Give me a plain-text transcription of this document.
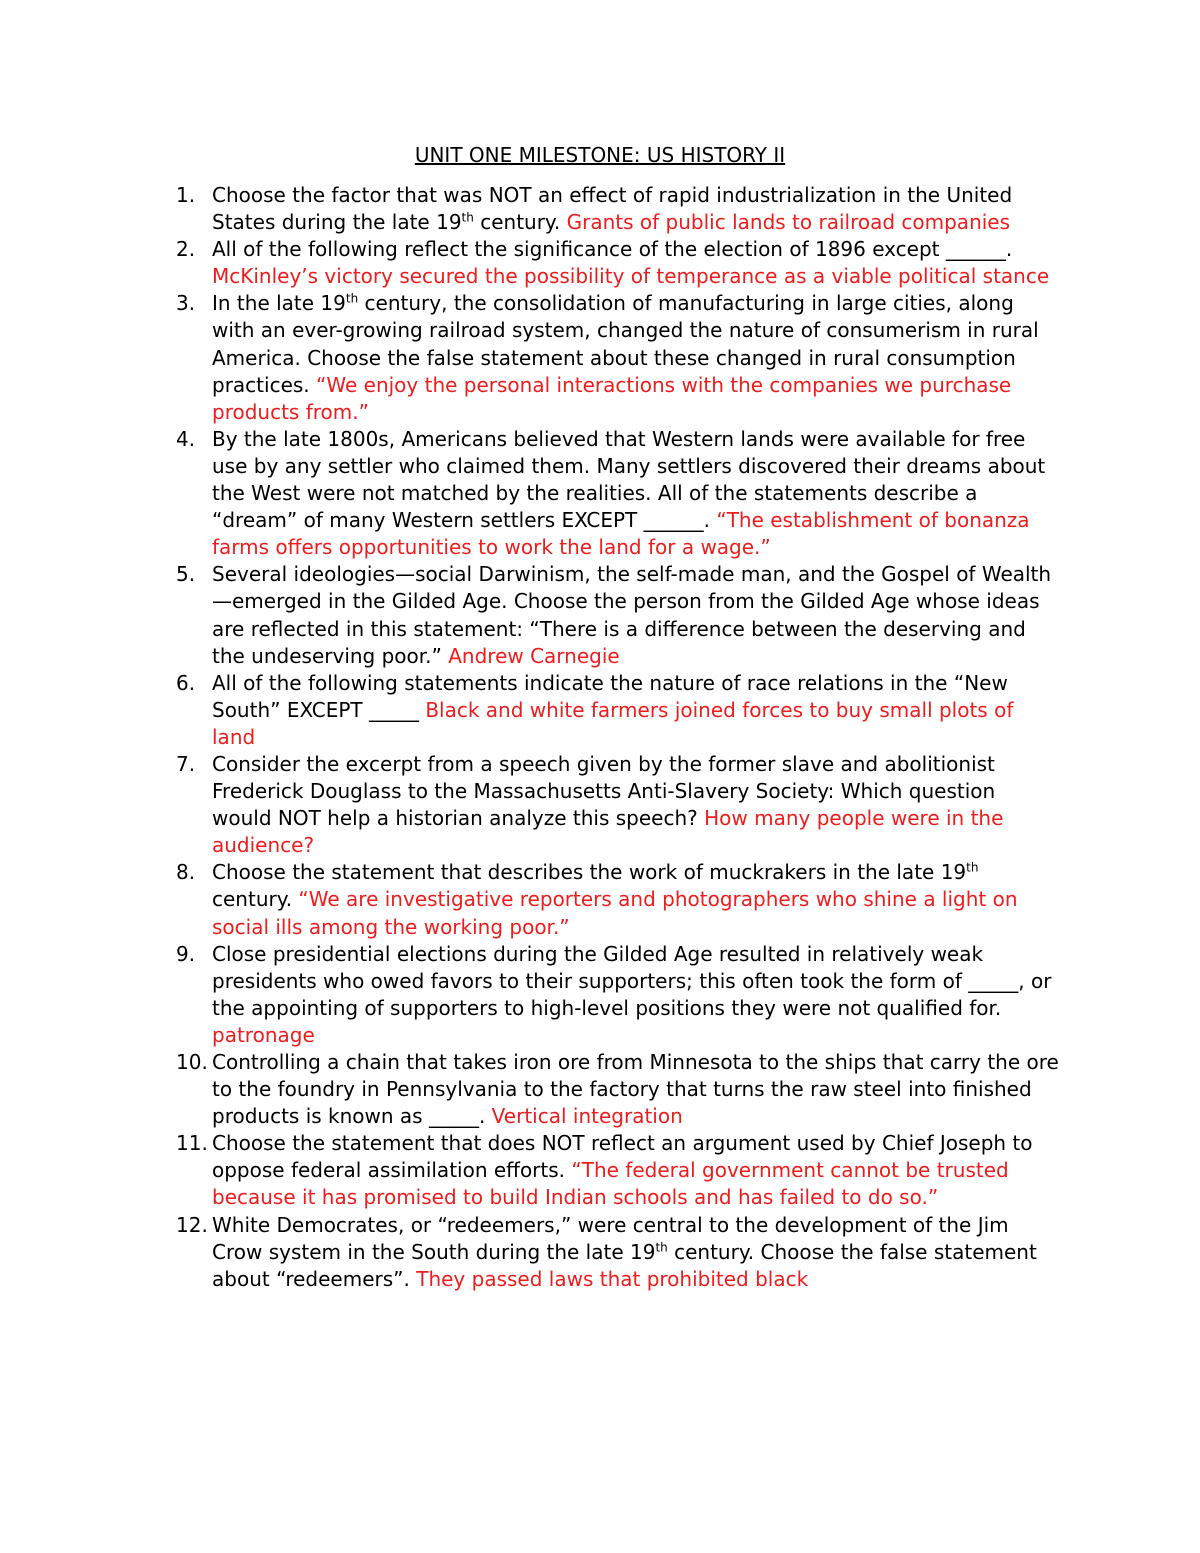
UNIT ONE MILESTONE: US HISTORY II
1. Choose the factor that was NOT an effect of rapid industrialization in the United States during the late 19th century. Grants of public lands to railroad companies
2. All of the following reflect the significance of the election of 1896 except ______. McKinley’s victory secured the possibility of temperance as a viable political stance
3. In the late 19th century, the consolidation of manufacturing in large cities, along with an ever-growing railroad system, changed the nature of consumerism in rural America. Choose the false statement about these changed in rural consumption practices. “We enjoy the personal interactions with the companies we purchase products from.”
4. By the late 1800s, Americans believed that Western lands were available for free use by any settler who claimed them. Many settlers discovered their dreams about the West were not matched by the realities. All of the statements describe a “dream” of many Western settlers EXCEPT ______. “The establishment of bonanza farms offers opportunities to work the land for a wage.”
5. Several ideologies—social Darwinism, the self-made man, and the Gospel of Wealth—emerged in the Gilded Age. Choose the person from the Gilded Age whose ideas are reflected in this statement: “There is a difference between the deserving and the undeserving poor.” Andrew Carnegie
6. All of the following statements indicate the nature of race relations in the “New South” EXCEPT _____ Black and white farmers joined forces to buy small plots of land
7. Consider the excerpt from a speech given by the former slave and abolitionist Frederick Douglass to the Massachusetts Anti-Slavery Society: Which question would NOT help a historian analyze this speech? How many people were in the audience?
8. Choose the statement that describes the work of muckrakers in the late 19th century. “We are investigative reporters and photographers who shine a light on social ills among the working poor.”
9. Close presidential elections during the Gilded Age resulted in relatively weak presidents who owed favors to their supporters; this often took the form of _____, or the appointing of supporters to high-level positions they were not qualified for. patronage
10. Controlling a chain that takes iron ore from Minnesota to the ships that carry the ore to the foundry in Pennsylvania to the factory that turns the raw steel into finished products is known as _____. Vertical integration
11. Choose the statement that does NOT reflect an argument used by Chief Joseph to oppose federal assimilation efforts. “The federal government cannot be trusted because it has promised to build Indian schools and has failed to do so.”
12. White Democrates, or “redeemers,” were central to the development of the Jim Crow system in the South during the late 19th century. Choose the false statement about “redeemers”. They passed laws that prohibited black
